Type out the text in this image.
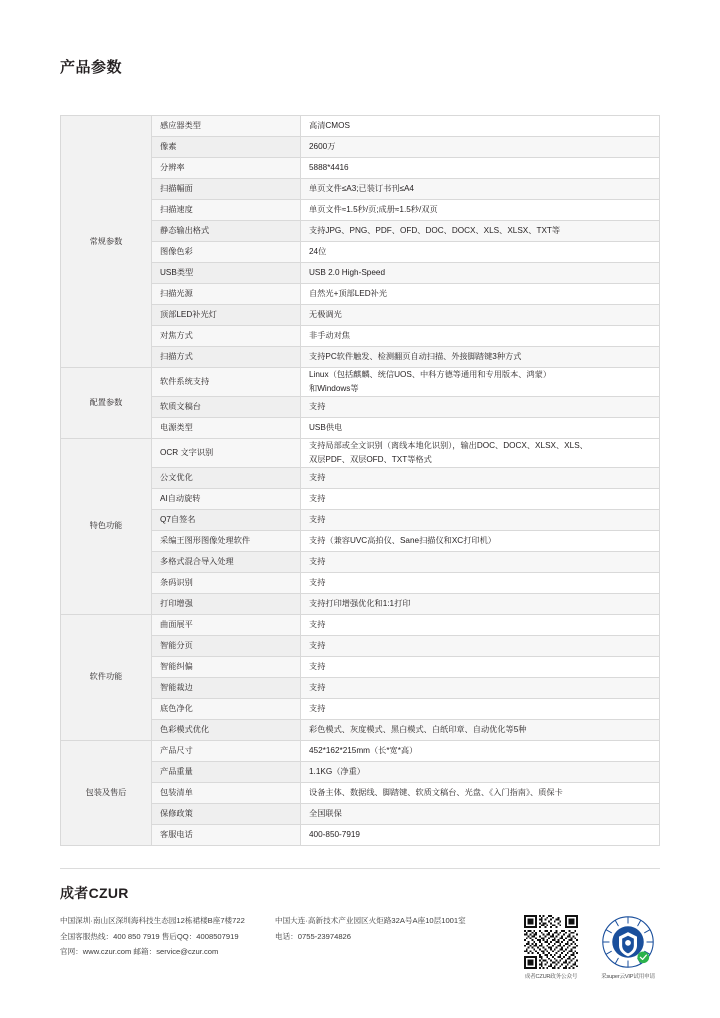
产品参数
常规参数	感应器类型	高清CMOS
	像素	2600万
	分辨率	5888*4416
	扫描幅面	单页文件≤A3;已装订书刊≤A4
	扫描速度	单页文件≈1.5秒/页;成册≈1.5秒/双页
	静态输出格式	支持JPG、PNG、PDF、OFD、DOC、DOCX、XLS、XLSX、TXT等
	图像色彩	24位
	USB类型	USB 2.0 High-Speed
	扫描光源	自然光+顶部LED补光
	顶部LED补光灯	无极调光
	对焦方式	非手动对焦
	扫描方式	支持PC软件触发、检测翻页自动扫描、外接脚踏键3种方式
配置参数	软件系统支持	Linux（包括麒麟、统信UOS、中科方德等通用和专用版本、鸿蒙）
和Windows等

	软质文稿台	支持
	电源类型	USB供电
特色功能	OCR 文字识别	支持局部或全文识别（离线本地化识别），输出DOC、DOCX、XLSX、XLS、
双层PDF、双层OFD、TXT等格式

	公文优化	支持
	AI自动旋转	支持
	Q7自签名	支持
	采编王图形图像处理软件	支持（兼容UVC高拍仪、Sane扫描仪和XC打印机）
	多格式混合导入处理	支持
	条码识别	支持
	打印增强	支持打印增强优化和1:1打印
软件功能	曲面展平	支持
	智能分页	支持
	智能纠偏	支持
	智能裁边	支持
	底色净化	支持
	色彩模式优化	彩色模式、灰度模式、黑白模式、白纸印章、自动优化等5种
包装及售后	产品尺寸	452*162*215mm（长*宽*高）
	产品重量	1.1KG（净重）
	包装清单	设备主体、数据线、脚踏键、软质文稿台、光盘、《入门指南》、质保卡
	保修政策	全国联保
	客服电话	400-850-7919
成者CZUR
中国深圳·南山区深圳海科技生态园12栋裙楼B座7楼722
全国客服热线：400 850 7919 售后QQ：4008507919
官网：www.czur.com 邮箱：service@czur.com
中国大连·高新技术产业园区火炬路32A号A座10层1001室
电话：0755-23974826
成者CZUR政务公众号	采super云VIP试用申请
